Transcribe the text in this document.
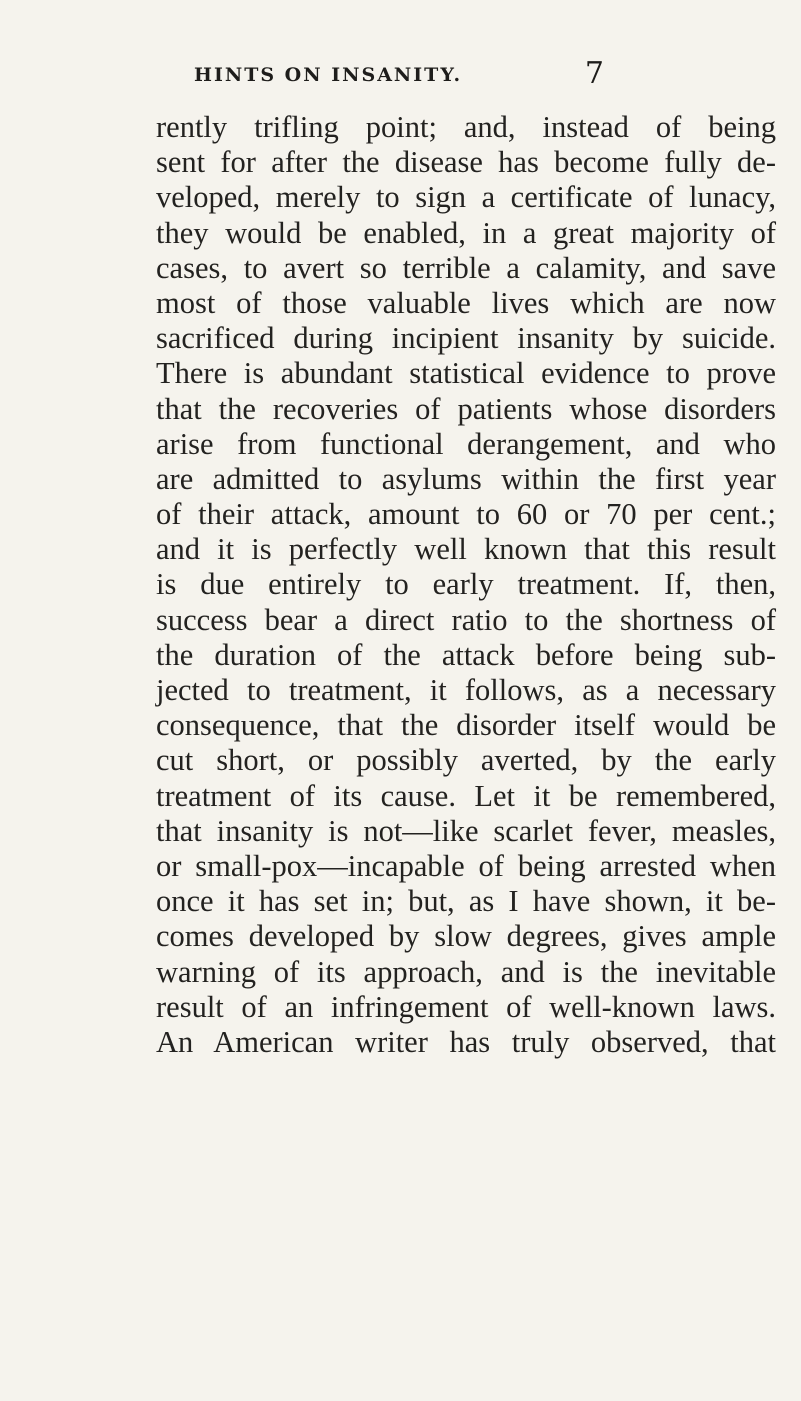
HINTS ON INSANITY.	7
rently trifling point; and, instead of being
sent for after the disease has become fully de-
veloped, merely to sign a certificate of lunacy,
they would be enabled, in a great majority of
cases, to avert so terrible a calamity, and save
most of those valuable lives which are now
sacrificed during incipient insanity by suicide.
There is abundant statistical evidence to prove
that the recoveries of patients whose disorders
arise from functional derangement, and who
are admitted to asylums within the first year
of their attack, amount to 60 or 70 per cent.;
and it is perfectly well known that this result
is due entirely to early treatment. If, then,
success bear a direct ratio to the shortness of
the duration of the attack before being sub-
jected to treatment, it follows, as a necessary
consequence, that the disorder itself would be
cut short, or possibly averted, by the early
treatment of its cause. Let it be remembered,
that insanity is not—like scarlet fever, measles,
or small-pox—incapable of being arrested when
once it has set in; but, as I have shown, it be-
comes developed by slow degrees, gives ample
warning of its approach, and is the inevitable
result of an infringement of well-known laws.
An American writer has truly observed, that
